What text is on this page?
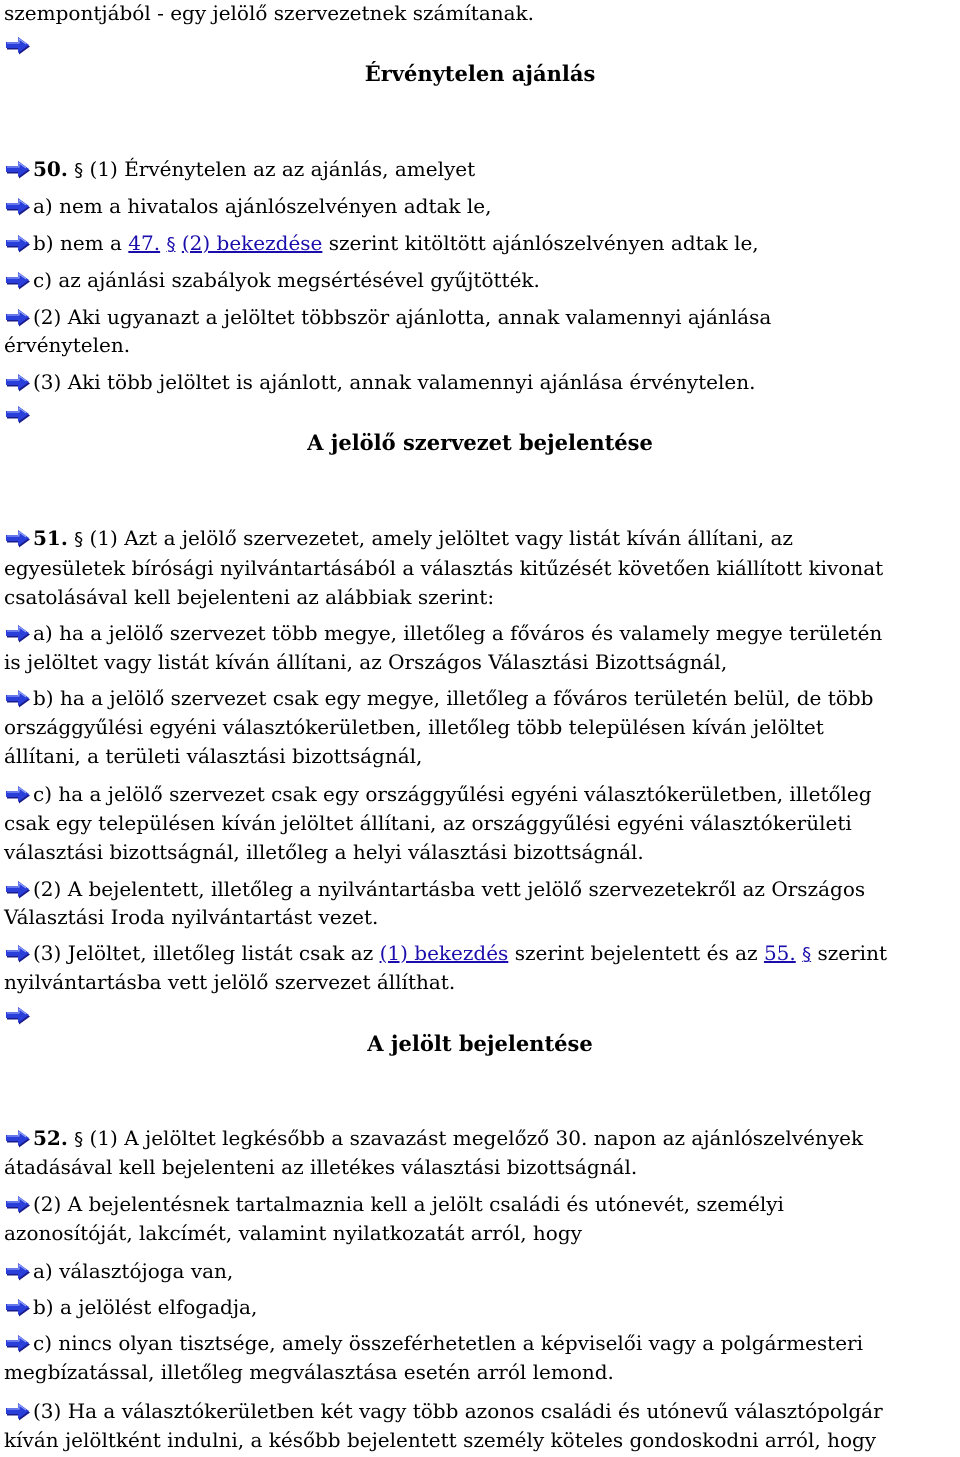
szempontjából - egy jelölő szervezetnek számítanak.
Érvénytelen ajánlás
50. § (1) Érvénytelen az az ajánlás, amelyet
a) nem a hivatalos ajánlószelvényen adtak le,
b) nem a 47. § (2) bekezdése szerint kitöltött ajánlószelvényen adtak le,
c) az ajánlási szabályok megsértésével gyűjtötték.
(2) Aki ugyanazt a jelöltet többször ajánlotta, annak valamennyi ajánlása
érvénytelen.
(3) Aki több jelöltet is ajánlott, annak valamennyi ajánlása érvénytelen.
A jelölő szervezet bejelentése
51. § (1) Azt a jelölő szervezetet, amely jelöltet vagy listát kíván állítani, az
egyesületek bírósági nyilvántartásából a választás kitűzését követően kiállított kivonat
csatolásával kell bejelenteni az alábbiak szerint:
a) ha a jelölő szervezet több megye, illetőleg a főváros és valamely megye területén
is jelöltet vagy listát kíván állítani, az Országos Választási Bizottságnál,
b) ha a jelölő szervezet csak egy megye, illetőleg a főváros területén belül, de több
országgyűlési egyéni választókerületben, illetőleg több településen kíván jelöltet
állítani, a területi választási bizottságnál,
c) ha a jelölő szervezet csak egy országgyűlési egyéni választókerületben, illetőleg
csak egy településen kíván jelöltet állítani, az országgyűlési egyéni választókerületi
választási bizottságnál, illetőleg a helyi választási bizottságnál.
(2) A bejelentett, illetőleg a nyilvántartásba vett jelölő szervezetekről az Országos
Választási Iroda nyilvántartást vezet.
(3) Jelöltet, illetőleg listát csak az (1) bekezdés szerint bejelentett és az 55. § szerint
nyilvántartásba vett jelölő szervezet állíthat.
A jelölt bejelentése
52. § (1) A jelöltet legkésőbb a szavazást megelőző 30. napon az ajánlószelvények
átadásával kell bejelenteni az illetékes választási bizottságnál.
(2) A bejelentésnek tartalmaznia kell a jelölt családi és utónevét, személyi
azonosítóját, lakcímét, valamint nyilatkozatát arról, hogy
a) választójoga van,
b) a jelölést elfogadja,
c) nincs olyan tisztsége, amely összeférhetetlen a képviselői vagy a polgármesteri
megbízatással, illetőleg megválasztása esetén arról lemond.
(3) Ha a választókerületben két vagy több azonos családi és utónevű választópolgár
kíván jelöltként indulni, a később bejelentett személy köteles gondoskodni arról, hogy
